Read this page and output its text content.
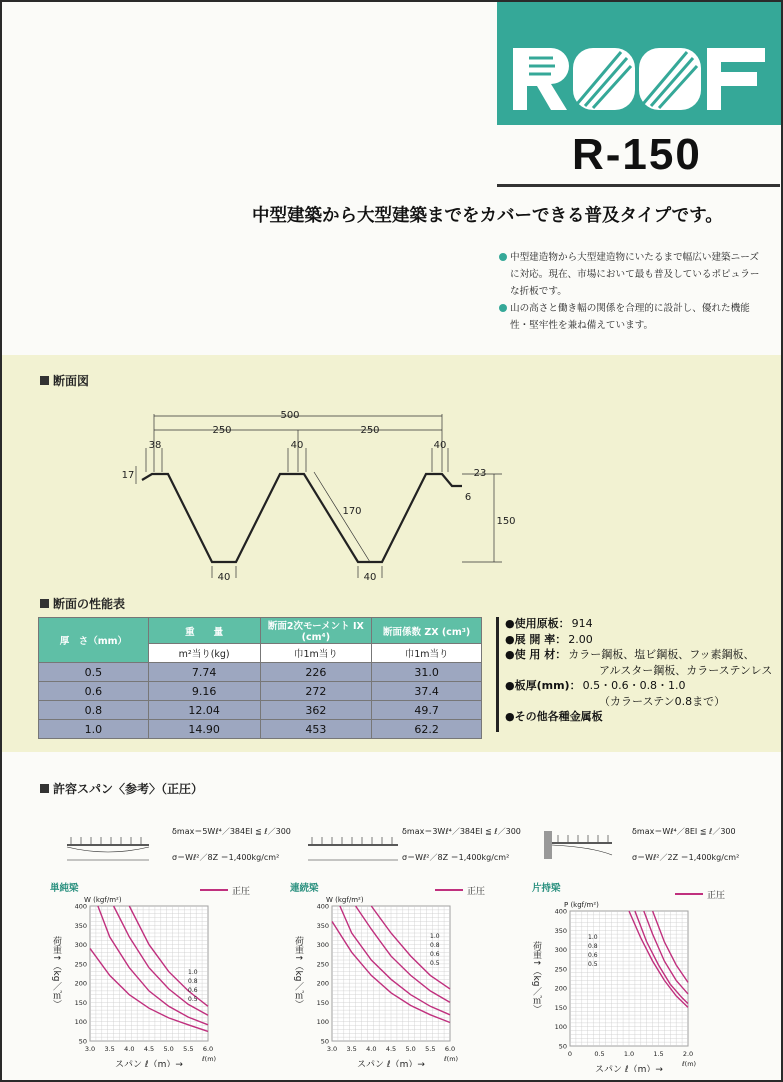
R-150
中型建築から大型建築までをカバーできる普及タイプです。
中型建造物から大型建造物にいたるまで幅広い建築ニーズに対応。現在、市場において最も普及しているポピュラーな折板です。
山の高さと働き幅の関係を合理的に設計し、優れた機能性・堅牢性を兼ね備えています。
断面図
500
250	250
38	40	40
40	40
17	23
6
170
150
断面の性能表
厚　さ（mm）	重　　量	断面2次モーメント IX (cm⁴)	断面係数 ZX (cm³)
	m²当り(kg)	巾1m当り	巾1m当り
0.5	7.74	226	31.0
0.6	9.16	272	37.4
0.8	12.04	362	49.7
1.0	14.90	453	62.2
●使用原板： 914
●展 開 率： 2.00
●使 用 材： カラー鋼板、塩ビ鋼板、フッ素鋼板、
アルスター鋼板、カラーステンレス
●板厚(mm)： 0.5・0.6・0.8・1.0
（カラーステン0.8まで）
●その他各種金属板
許容スパン〈参考〉（正圧）
δmax＝5Wℓ⁴／384EI ≦ ℓ／300
σ＝Wℓ²／8Z ＝1,400kg/cm²
δmax＝3Wℓ⁴／384EI ≦ ℓ／300
σ＝Wℓ²／8Z ＝1,400kg/cm²
δmax＝Wℓ⁴／8EI ≦ ℓ／300
σ＝Wℓ²／2Z ＝1,400kg/cm²
単純梁	連続梁	片持梁
正圧	正圧	正圧
3.0 3.5 4.0 4.5 5.0 5.5 6.0
50
100
150
200
250
300
350
400
W (kgf/m²)
荷重↑（kg／㎡）
スパン ℓ（m）→
ℓ(m)
1.0
0.8
0.6
0.5
3.0 3.5 4.0 4.5 5.0 5.5 6.0
50
100
150
200
250
300
350
400
W (kgf/m²)
荷重↑（kg／㎡）
スパン ℓ（m）→
ℓ(m)
1.0
0.8
0.6
0.5
0	0.5	1.0	1.5	2.0
50
100
150
200
250
300
350
400
P (kgf/m²)
荷重↑（kg／㎡）
スパン ℓ（m）→
ℓ(m)
1.0
0.8
0.6
0.5
